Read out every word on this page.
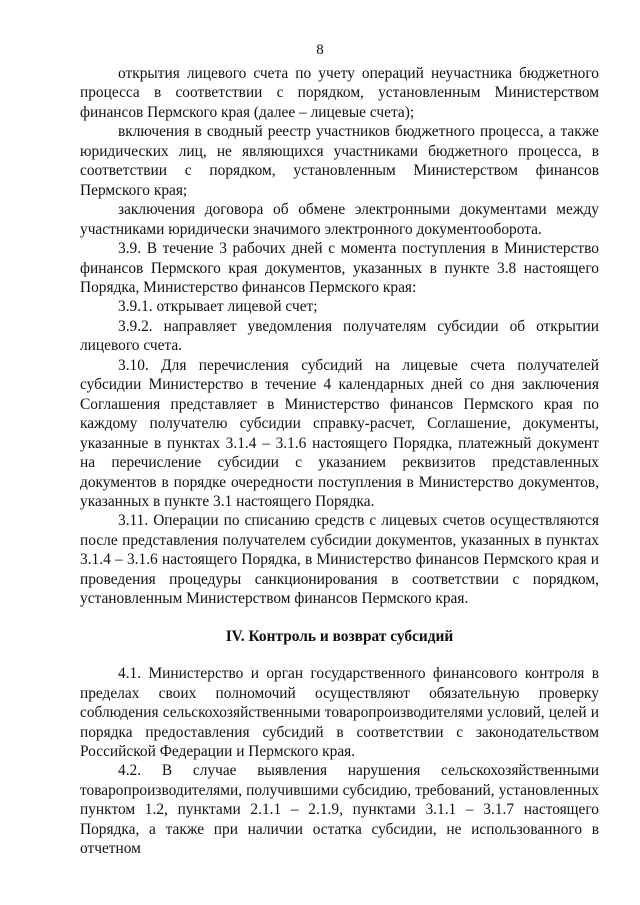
8

открытия лицевого счета по учету операций неучастника бюджетного процесса в соответствии с порядком, установленным Министерством финансов Пермского края (далее – лицевые счета);

включения в сводный реестр участников бюджетного процесса, а также юридических лиц, не являющихся участниками бюджетного процесса, в соответствии с порядком, установленным Министерством финансов Пермского края;

заключения договора об обмене электронными документами между участниками юридически значимого электронного документооборота.

3.9. В течение 3 рабочих дней с момента поступления в Министерство финансов Пермского края документов, указанных в пункте 3.8 настоящего Порядка, Министерство финансов Пермского края:

3.9.1. открывает лицевой счет;

3.9.2. направляет уведомления получателям субсидии об открытии лицевого счета.

3.10. Для перечисления субсидий на лицевые счета получателей субсидии Министерство в течение 4 календарных дней со дня заключения Соглашения представляет в Министерство финансов Пермского края по каждому получателю субсидии справку-расчет, Соглашение, документы, указанные в пунктах 3.1.4 – 3.1.6 настоящего Порядка, платежный документ на перечисление субсидии с указанием реквизитов представленных документов в порядке очередности поступления в Министерство документов, указанных в пункте 3.1 настоящего Порядка.

3.11. Операции по списанию средств с лицевых счетов осуществляются после представления получателем субсидии документов, указанных в пунктах 3.1.4 – 3.1.6 настоящего Порядка, в Министерство финансов Пермского края и проведения процедуры санкционирования в соответствии с порядком, установленным Министерством финансов Пермского края.

IV. Контроль и возврат субсидий

4.1. Министерство и орган государственного финансового контроля в пределах своих полномочий осуществляют обязательную проверку соблюдения сельскохозяйственными товаропроизводителями условий, целей и порядка предоставления субсидий в соответствии с законодательством Российской Федерации и Пермского края.

4.2. В случае выявления нарушения сельскохозяйственными товаропроизводителями, получившими субсидию, требований, установленных пунктом 1.2, пунктами 2.1.1 – 2.1.9, пунктами 3.1.1 – 3.1.7 настоящего Порядка, а также при наличии остатка субсидии, не использованного в отчетном
